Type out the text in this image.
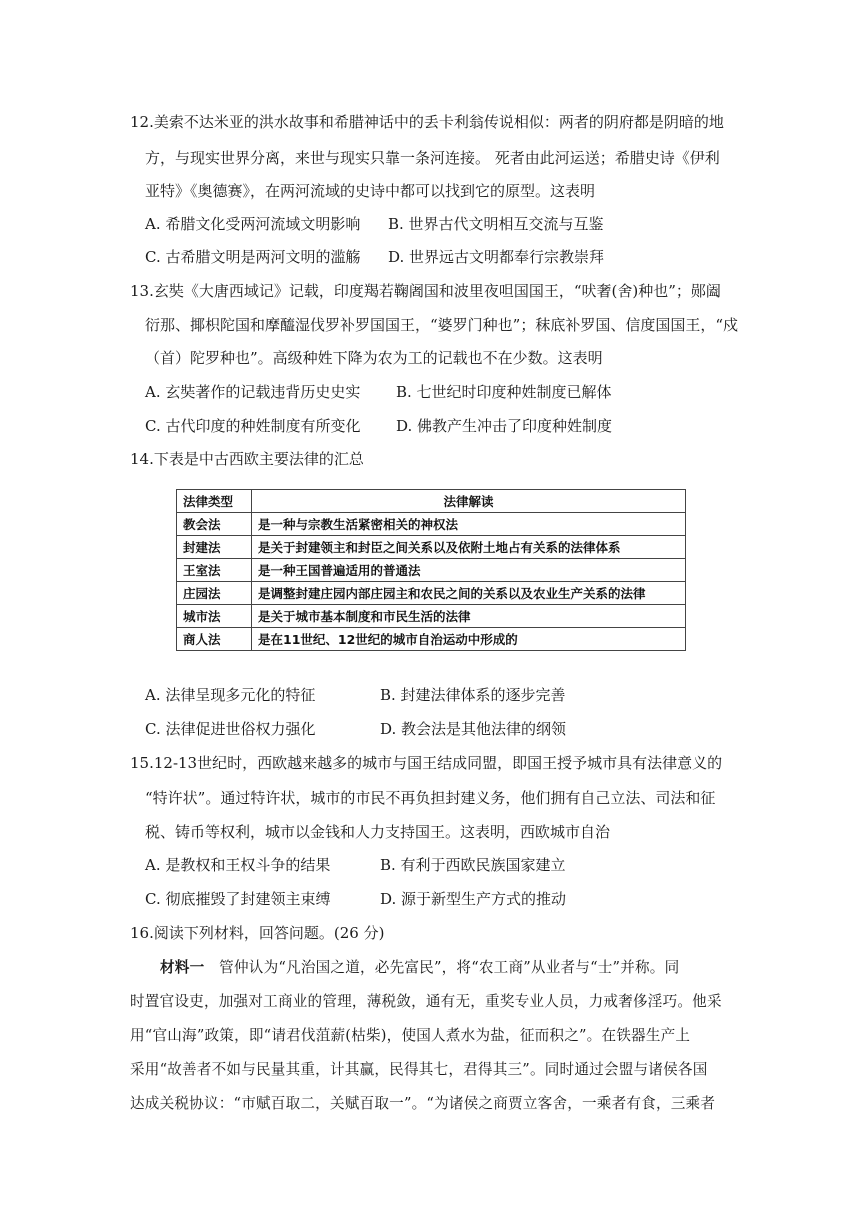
12.美索不达米亚的洪水故事和希腊神话中的丢卡利翁传说相似：两者的阴府都是阴暗的地
方，与现实世界分离，来世与现实只靠一条河连接。 死者由此河运送；希腊史诗《伊利
亚特》《奥德赛》，在两河流域的史诗中都可以找到它的原型。这表明
A. 希腊文化受两河流域文明影响 B. 世界古代文明相互交流与互鉴
C. 古希腊文明是两河文明的滥觞 D. 世界远古文明都奉行宗教崇拜
13.玄奘《大唐西域记》记载，印度羯若鞠阇国和波里夜呾国国王，“吠奢(舍)种也”；郧阖
衍那、揶枳陀国和摩醯湿伐罗补罗国国王，“婆罗门种也”；秣底补罗国、信度国国王，“戍
（首）陀罗种也”。高级种姓下降为农为工的记载也不在少数。这表明
A. 玄奘著作的记载违背历史史实 B. 七世纪时印度种姓制度已解体
C. 古代印度的种姓制度有所变化 D. 佛教产生冲击了印度种姓制度
14.下表是中古西欧主要法律的汇总
法律类型	法律解读
教会法	是一种与宗教生活紧密相关的神权法
封建法	是关于封建领主和封臣之间关系以及依附土地占有关系的法律体系
王室法	是一种王国普遍适用的普通法
庄园法	是调整封建庄园内部庄园主和农民之间的关系以及农业生产关系的法律
城市法	是关于城市基本制度和市民生活的法律
商人法	是在11世纪、12世纪的城市自治运动中形成的
A. 法律呈现多元化的特征	B. 封建法律体系的逐步完善
C. 法律促进世俗权力强化	D. 教会法是其他法律的纲领
15.12-13世纪时，西欧越来越多的城市与国王结成同盟，即国王授予城市具有法律意义的
“特许状”。通过特许状，城市的市民不再负担封建义务，他们拥有自己立法、司法和征
税、铸币等权利，城市以金钱和人力支持国王。这表明，西欧城市自治
A. 是教权和王权斗争的结果	B. 有利于西欧民族国家建立
C. 彻底摧毁了封建领主束缚	D. 源于新型生产方式的推动
16.阅读下列材料，回答问题。(26 分)
材料一　管仲认为“凡治国之道，必先富民”，将“农工商”从业者与“士”并称。同
时置官设吏，加强对工商业的管理，薄税敛，通有无，重奖专业人员，力戒奢侈淫巧。他采
用“官山海”政策，即“请君伐菹薪(枯柴)，使国人煮水为盐，征而积之”。在铁器生产上
采用“故善者不如与民量其重，计其赢，民得其七，君得其三”。同时通过会盟与诸侯各国
达成关税协议：“市赋百取二，关赋百取一”。“为诸侯之商贾立客舍，一乘者有食，三乘者
